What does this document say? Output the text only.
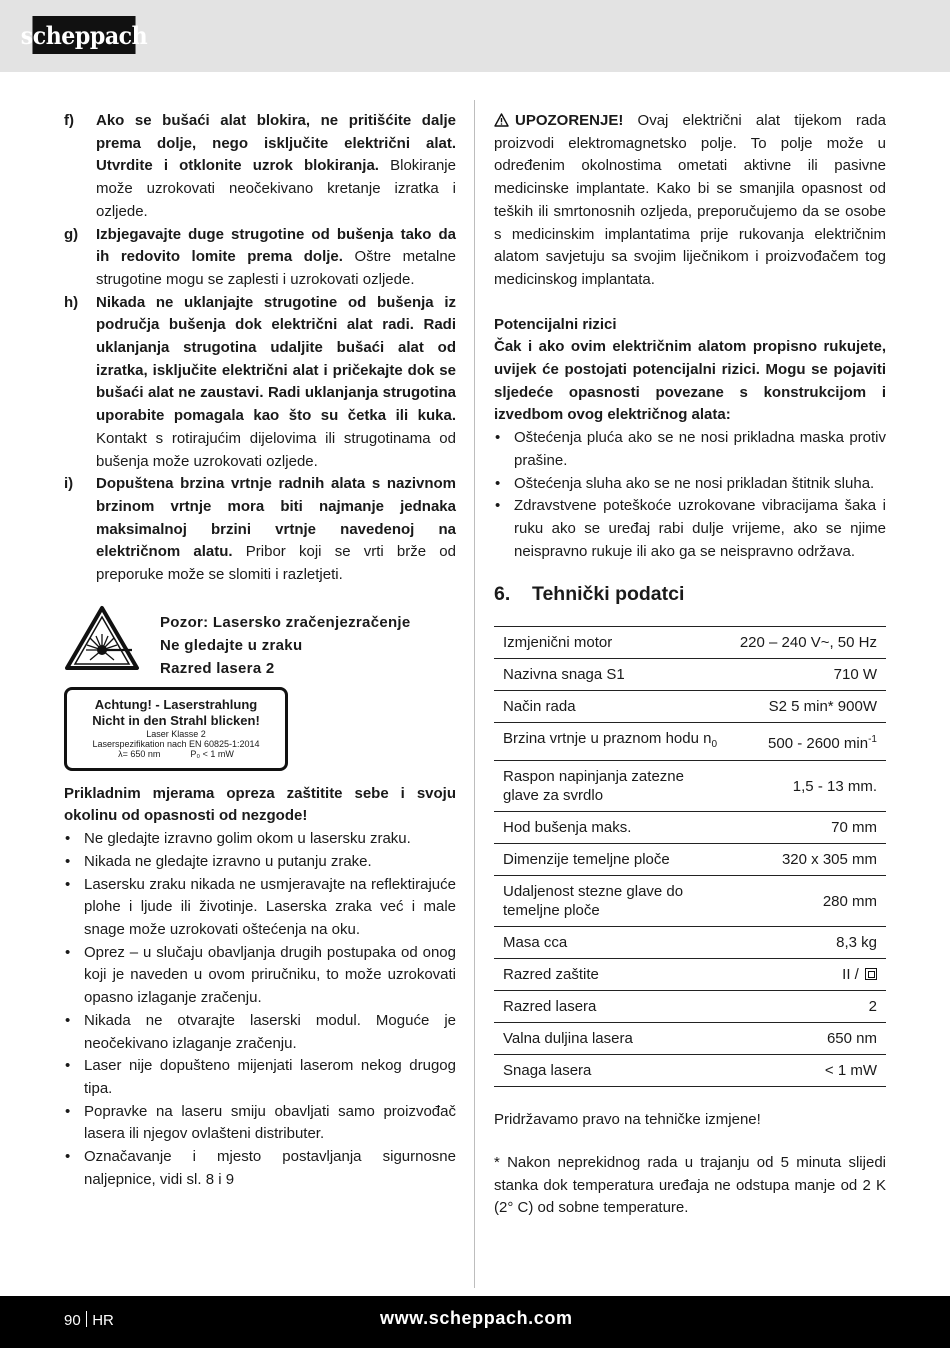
scheppach
f)	Ako se bušaći alat blokira, ne pritišćite dalje prema dolje, nego isključite električni alat. Utvrdite i otklonite uzrok blokiranja. Blokiranje može uzrokovati neočekivano kretanje izratka i ozljede.
g)	Izbjegavajte duge strugotine od bušenja tako da ih redovito lomite prema dolje. Oštre metalne strugotine mogu se zaplesti i uzrokovati ozljede.
h)	Nikada ne uklanjajte strugotine od bušenja iz područja bušenja dok električni alat radi. Radi uklanjanja strugotina udaljite bušaći alat od izratka, isključite električni alat i pričekajte dok se bušaći alat ne zaustavi. Radi uklanjanja strugotina uporabite pomagala kao što su četka ili kuka. Kontakt s rotirajućim dijelovima ili strugotinama od bušenja može uzrokovati ozljede.
i)	Dopuštena brzina vrtnje radnih alata s nazivnom brzinom vrtnje mora biti najmanje jednaka maksimalnoj brzini vrtnje navedenoj na električnom alatu. Pribor koji se vrti brže od preporuke može se slomiti i razletjeti.
Pozor: Lasersko zračenjezračenje
Ne gledajte u zraku
Razred lasera 2
Achtung! - Laserstrahlung
Nicht in den Strahl blicken!
Laser Klasse 2
Laserspezifikation nach EN 60825-1:2014
λ= 650 nm	P₀ < 1 mW

Prikladnim mjerama opreza zaštitite sebe i svoju okolinu od opasnosti od nezgode!

• Ne gledajte izravno golim okom u lasersku zraku.
• Nikada ne gledajte izravno u putanju zrake.
• Lasersku zraku nikada ne usmjeravajte na reflektirajuće plohe i ljude ili životinje. Laserska zraka već i male snage može uzrokovati oštećenja na oku.
• Oprez – u slučaju obavljanja drugih postupaka od onog koji je naveden u ovom priručniku, to može uzrokovati opasno izlaganje zračenju.
• Nikada ne otvarajte laserski modul. Moguće je neočekivano izlaganje zračenju.
• Laser nije dopušteno mijenjati laserom nekog drugog tipa.
• Popravke na laseru smiju obavljati samo proizvođač lasera ili njegov ovlašteni distributer.
• Označavanje i mjesto postavljanja sigurnosne naljepnice, vidi sl. 8 i 9

UPOZORENJE! Ovaj električni alat tijekom rada proizvodi elektromagnetsko polje. To polje može u određenim okolnostima ometati aktivne ili pasivne medicinske implantate. Kako bi se smanjila opasnost od teških ili smrtonosnih ozljeda, preporučujemo da se osobe s medicinskim implantatima prije rukovanja električnim alatom savjetuju sa svojim liječnikom i proizvođačem tog medicinskog implantata.

Potencijalni rizici

Čak i ako ovim električnim alatom propisno rukujete, uvijek će postojati potencijalni rizici. Mogu se pojaviti sljedeće opasnosti povezane s konstrukcijom i izvedbom ovog električnog alata:

• Oštećenja pluća ako se ne nosi prikladna maska protiv prašine.
• Oštećenja sluha ako se ne nosi prikladan štitnik sluha.
• Zdravstvene poteškoće uzrokovane vibracijama šaka i ruku ako se uređaj rabi dulje vrijeme, ako se njime neispravno rukuje ili ako ga se neispravno održava.
6.	Tehnički podatci
Izmjenični motor	220 – 240 V~, 50 Hz
Nazivna snaga S1	710 W
Način rada	S2 5 min* 900W
Brzina vrtnje u praznom hodu $n_0$	500 - 2600 $\min^{-1}$
Raspon napinjanja zatezne glave za svrdlo	1,5 - 13 mm.
Hod bušenja maks.	70 mm
Dimenzije temeljne ploče	320 x 305 mm
Udaljenost stezne glave do temeljne ploče	280 mm
Masa cca	8,3 kg
Razred zaštite	II /
Razred lasera	2
Valna duljina lasera	650 nm
Snaga lasera	< 1 mW

Pridržavamo pravo na tehničke izmjene!

* Nakon neprekidnog rada u trajanju od 5 minuta slijedi stanka dok temperatura uređaja ne odstupa manje od 2 K (2° C) od sobne temperature.

90 HR	www.scheppach.com
